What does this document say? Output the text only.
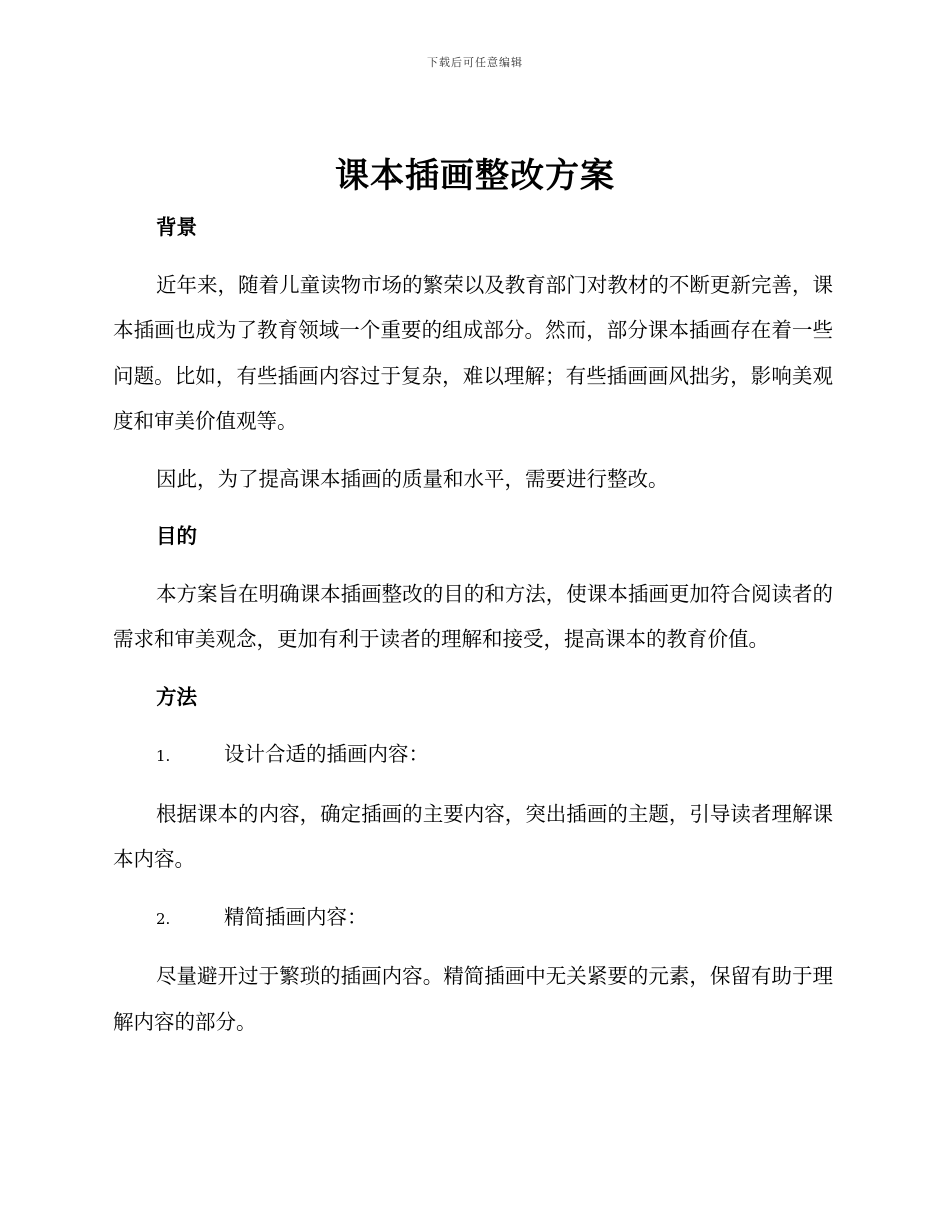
下载后可任意编辑
课本插画整改方案

背景

近年来，随着儿童读物市场的繁荣以及教育部门对教材的不断更新完善，课本插画也成为了教育领域一个重要的组成部分。然而，部分课本插画存在着一些问题。比如，有些插画内容过于复杂，难以理解；有些插画画风拙劣，影响美观度和审美价值观等。

因此，为了提高课本插画的质量和水平，需要进行整改。

目的

本方案旨在明确课本插画整改的目的和方法，使课本插画更加符合阅读者的需求和审美观念，更加有利于读者的理解和接受，提高课本的教育价值。

方法

1.	设计合适的插画内容：

根据课本的内容，确定插画的主要内容，突出插画的主题，引导读者理解课本内容。

2.	精简插画内容：

尽量避开过于繁琐的插画内容。精简插画中无关紧要的元素，保留有助于理解内容的部分。
